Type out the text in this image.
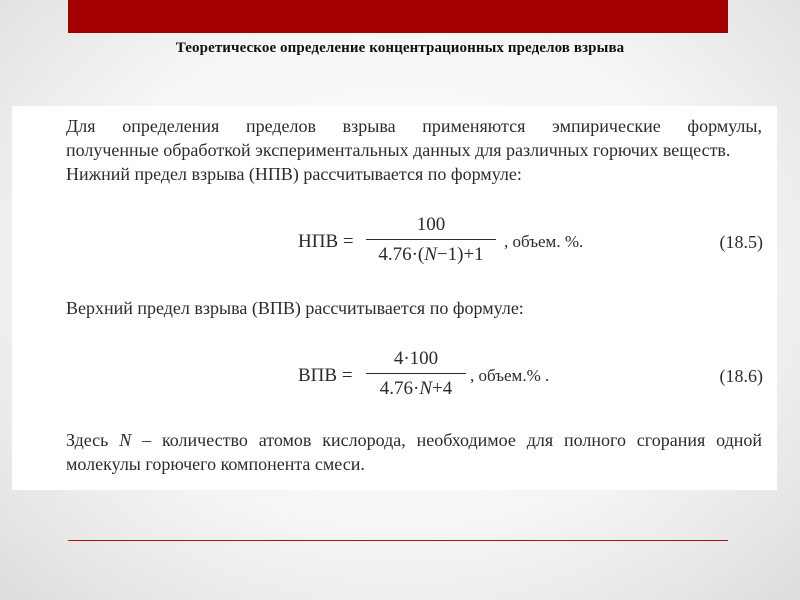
Теоретическое определение концентрационных пределов взрыва
Для определения пределов взрыва применяются эмпирические формулы,
полученные обработкой экспериментальных данных для различных горючих веществ.
Нижний предел взрыва (НПВ) рассчитывается по формуле:
НПВ =
100
4.76·(N−1)+1
, объем. %.	(18.5)
Верхний предел взрыва (ВПВ) рассчитывается по формуле:
ВПВ =
4·100
4.76·N+4
, объем.% .	(18.6)
Здесь N – количество атомов кислорода, необходимое для полного сгорания одной
молекулы горючего компонента смеси.
